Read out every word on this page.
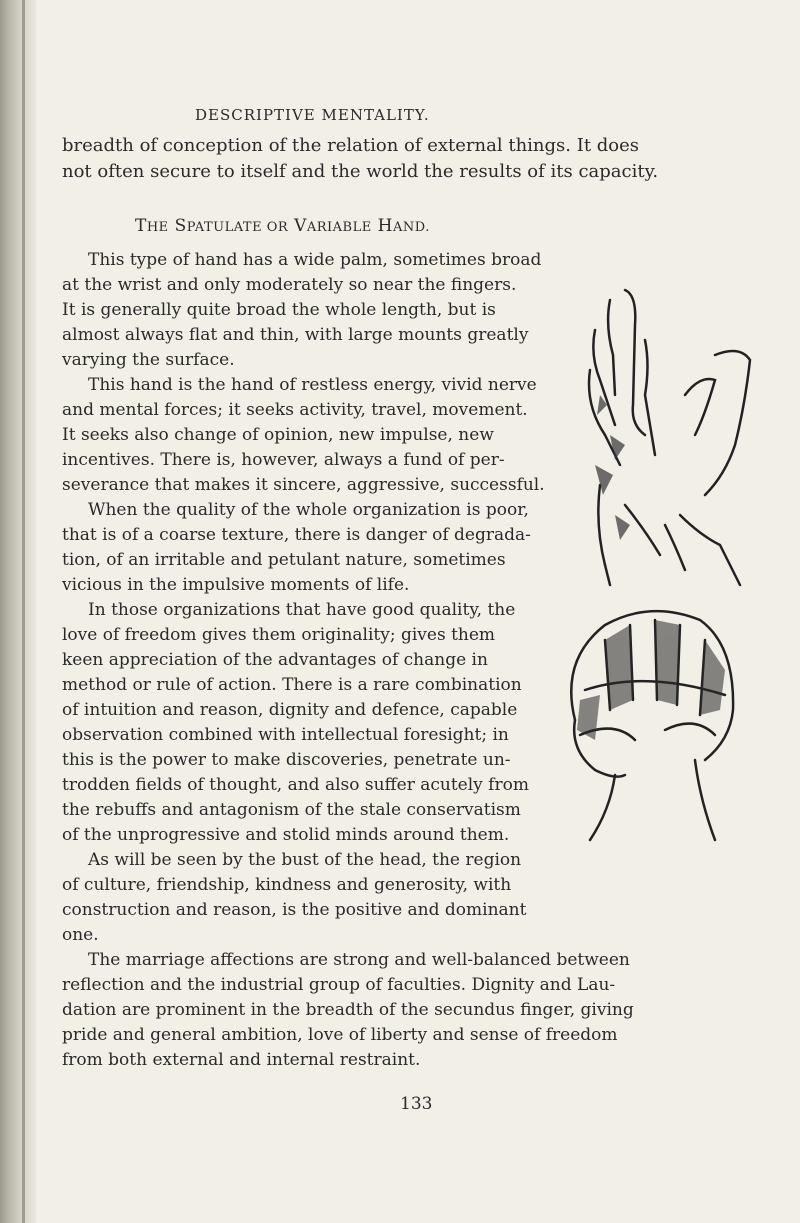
DESCRIPTIVE MENTALITY.
breadth of conception of the relation of external things. It does
not often secure to itself and the world the results of its capacity.
THE SPATULATE OR VARIABLE HAND.
This type of hand has a wide palm, sometimes broad
at the wrist and only moderately so near the fingers.
It is generally quite broad the whole length, but is
almost always flat and thin, with large mounts greatly
varying the surface.
This hand is the hand of restless energy, vivid nerve
and mental forces; it seeks activity, travel, movement.
It seeks also change of opinion, new impulse, new
incentives. There is, however, always a fund of per-
severance that makes it sincere, aggressive, successful.
When the quality of the whole organization is poor,
that is of a coarse texture, there is danger of degrada-
tion, of an irritable and petulant nature, sometimes
vicious in the impulsive moments of life.
In those organizations that have good quality, the
love of freedom gives them originality; gives them
keen appreciation of the advantages of change in
method or rule of action. There is a rare combination
of intuition and reason, dignity and defence, capable
observation combined with intellectual foresight; in
this is the power to make discoveries, penetrate un-
trodden fields of thought, and also suffer acutely from
the rebuffs and antagonism of the stale conservatism
of the unprogressive and stolid minds around them.
As will be seen by the bust of the head, the region
of culture, friendship, kindness and generosity, with
construction and reason, is the positive and dominant
one.
The marriage affections are strong and well-balanced between
reflection and the industrial group of faculties. Dignity and Lau-
dation are prominent in the breadth of the secundus finger, giving
pride and general ambition, love of liberty and sense of freedom
from both external and internal restraint.
133
